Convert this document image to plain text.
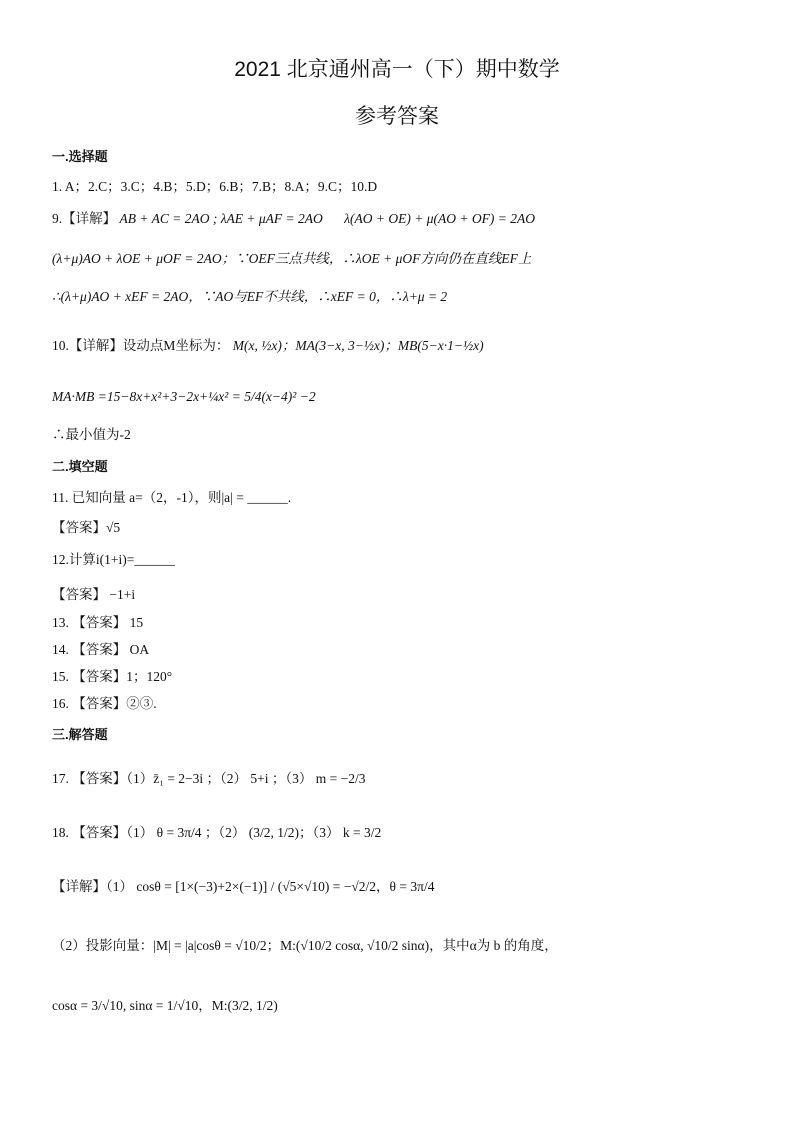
2021 北京通州高一（下）期中数学
参考答案
一.选择题
1. A；2.C；3.C；4.B；5.D；6.B；7.B；8.A；9.C；10.D
9.【详解】 AB + AC = 2AO ; λAE + μAF = 2AO λ(AO + OE) + μ(AO + OF) = 2AO
(λ+μ)AO + λOE + μOF = 2AO；∵OEF三点共线，∴λOE + μOF方向仍在直线EF上
∴(λ+μ)AO + xEF = 2AO，∵AO与EF不共线，∴xEF = 0，∴λ+μ = 2
10.【详解】设动点M坐标为： M(x, ½x)；MA(3−x, 3−½x)；MB(5−x·1−½x)
MA·MB =15−8x+x²+3−2x+¼x² = 5/4(x−4)² −2
∴最小值为-2
二.填空题
11. 已知向量 a=（2，-1），则|a| = ______.
【答案】√5
12.计算i(1+i)=______
【答案】 −1+i
13. 【答案】 15
14. 【答案】 OA
15. 【答案】1；120°
16. 【答案】②③.
三.解答题
17. 【答案】（1）z̄₁ = 2−3i ；（2） 5+i ；（3） m = −2/3
18. 【答案】（1） θ = 3π/4 ；（2） (3/2, 1/2)；（3） k = 3/2
【详解】（1） cosθ = [1×(−3)+2×(−1)] / (√5×√10) = −√2/2，θ = 3π/4
（2）投影向量：|M| = |a|cosθ = √10/2；M:(√10/2 cosα, √10/2 sinα)，其中α为 b 的角度，
cosα = 3/√10, sinα = 1/√10，M:(3/2, 1/2)
